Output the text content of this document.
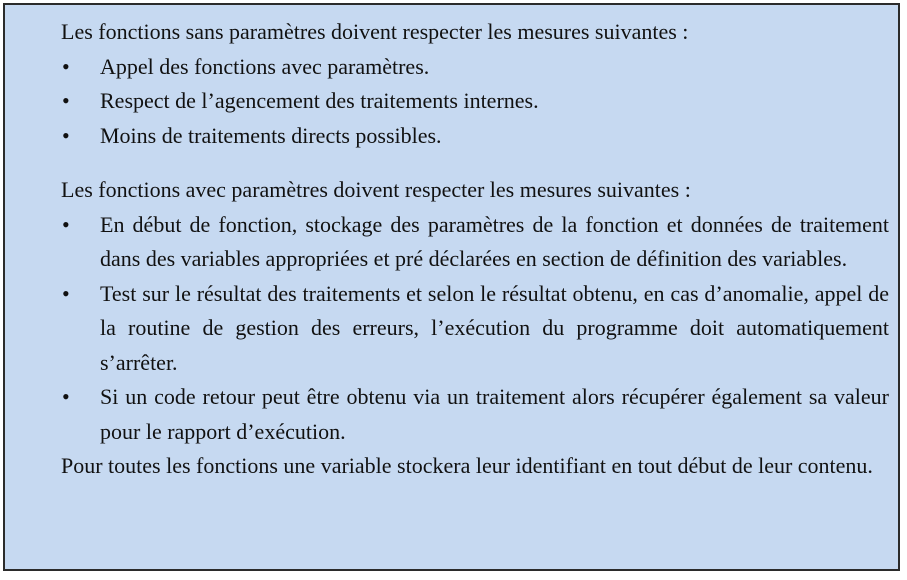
Les fonctions sans paramètres doivent respecter les mesures suivantes :

•	Appel des fonctions avec paramètres.
•	Respect de l’agencement des traitements internes.
•	Moins de traitements directs possibles.

Les fonctions avec paramètres doivent respecter les mesures suivantes :

•	En début de fonction, stockage des paramètres de la fonction et données de traitement dans des variables appropriées et pré déclarées en section de définition des variables.
•	Test sur le résultat des traitements et selon le résultat obtenu, en cas d’anomalie, appel de la routine de gestion des erreurs, l’exécution du programme doit automatiquement s’arrêter.
•	Si un code retour peut être obtenu via un traitement alors récupérer également sa valeur pour le rapport d’exécution.

Pour toutes les fonctions une variable stockera leur identifiant en tout début de leur contenu.
